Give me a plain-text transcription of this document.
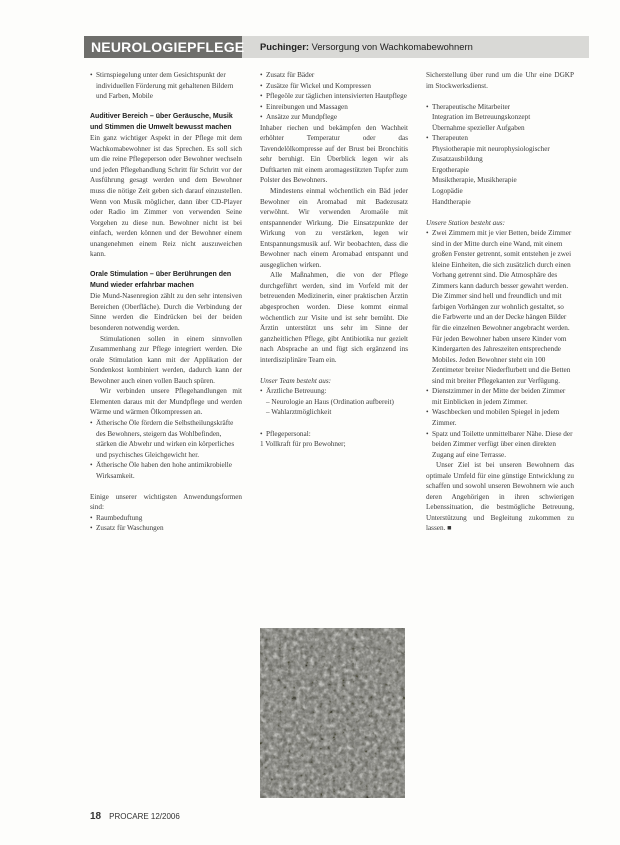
NEUROLOGIEPFLEGE Puchinger: Versorgung von Wachkomabewohnern

• Stirnspiegelung unter dem Gesichtspunkt der individuellen Förderung mit gehaltenen Bildern und Farben, Mobile

Auditiver Bereich – über Geräusche, Musik und Stimmen die Umwelt bewusst machen

Ein ganz wichtiger Aspekt in der Pflege mit dem Wachkomabewohner ist das Sprechen. Es soll sich um die reine Pflegeperson oder Bewohner wechseln und jeden Pflegehandlung Schritt für Schritt vor der Ausführung gesagt werden und dem Bewohner muss die nötige Zeit geben sich darauf einzustellen. Wenn von Musik möglicher, dann über CD-Player oder Radio im Zimmer von verwenden Seine Vorgehen zu diese nun. Bewohner nicht ist bei einfach, werden können und der Bewohner einem unangenehmen einem Reiz nicht auszuweichen kann.

Orale Stimulation – über Berührungen den Mund wieder erfahrbar machen

Die Mund-Nasenregion zählt zu den sehr intensiven Bereichen (Oberfläche). Durch die Verbindung der Sinne werden die Eindrücken bei der beiden besonderen notwendig werden.

Stimulationen sollen in einem sinnvollen Zusammenhang zur Pflege integriert werden. Die orale Stimulation kann mit der Applikation der Sondenkost kombiniert werden, dadurch kann der Bewohner auch einen vollen Bauch spüren.

Wir verbinden unsere Pflegehandlungen mit Elementen daraus mit der Mundpflege und werden Wärme und wärmen Ölkompressen an.

• Ätherische Öle fördern die Selbstheilungskräfte des Bewohners, steigern das Wohlbefinden, stärken die Abwehr und wirken ein körperliches und psychisches Gleichgewicht her.

• Ätherische Öle haben den hohe antimikrobielle Wirksamkeit.

Einige unserer wichtigsten Anwendungsformen sind:

• Raumbeduftung

• Zusatz für Waschungen

• Zusatz für Bäder

• Zusätze für Wickel und Kompressen

• Pflegeöle zur täglichen intensivierten Hautpflege

• Einreibungen und Massagen

• Ansätze zur Mundpflege

Inhaber riechen und bekämpfen den Wachheit erhöhter Temperatur oder das Tavendelölkompresse auf der Brust bei Bronchitis sehr beruhigt. Ein Überblick legen wir als Duftkarten mit einem aromagestützten Tupfer zum Polster des Bewohners.

Mindestens einmal wöchentlich ein Bäd jeder Bewohner ein Aromabad mit Badezusatz verwöhnt. Wir verwenden Aromaöle mit entspannender Wirkung. Die Einsatzpunkte der Wirkung von zu verstärken, legen wir Entspannungsmusik auf. Wir beobachten, dass die Bewohner nach einem Aromabad entspannt und ausgeglichen wirken.

Alle Maßnahmen, die von der Pflege durchgeführt werden, sind im Vorfeld mit der betreuenden Medizinerin, einer praktischen Ärztin abgesprochen worden. Diese kommt einmal wöchentlich zur Visite und ist sehr bemüht. Die Ärztin unterstützt uns sehr im Sinne der ganzheitlichen Pflege, gibt Antibiotika nur gezielt nach Absprache an und fügt sich ergänzend ins interdisziplinäre Team ein.

Unser Team besteht aus:

• Ärztliche Betreuung:

– Neurologie an Haus (Ordination aufbereit)

– Wahlarztmöglichkeit

• Pflegepersonal:

1 Vollkraft für pro Bewohner;

Sicherstellung über rund um die Uhr eine DGKP im Stockwerksdienst.

• Therapeutische Mitarbeiter

Integration im Betreuungskonzept

Übernahme spezieller Aufgaben

• Therapeuten

Physiotherapie mit neurophysiologischer Zusatzausbildung

Ergotherapie

Musiktherapie, Musikherapie

Logopädie

Handtherapie

Unsere Station besteht aus:

• Zwei Zimmern mit je vier Betten, beide Zimmer sind in der Mitte durch eine Wand, mit einem großen Fenster getrennt, somit entstehen je zwei kleine Einheiten, die sich zusätzlich durch einen Vorhang getrennt sind. Die Atmosphäre des Zimmers kann dadurch besser gewahrt werden. Die Zimmer sind hell und freundlich und mit farbigen Vorhängen zur wohnlich gestaltet, so die Farbwerte und an der Decke hängen Bilder für die einzelnen Bewohner angebracht werden. Für jeden Bewohner haben unsere Kinder vom Kindergarten des Jahreszeiten entsprechende Mobiles. Jeden Bewohner steht ein 100 Zentimeter breiter Niederflurbett und die Betten sind mit breiter Pflegekanten zur Verfügung.

• Dienstzimmer in der Mitte der beiden Zimmer mit Einblicken in jedem Zimmer.

• Waschbecken und mobilen Spiegel in jedem Zimmer.

• Spatz und Toilette unmittelbarer Nähe. Diese der beiden Zimmer verfügt über einen direkten Zugang auf eine Terrasse.

Unser Ziel ist bei unseren Bewohnern das optimale Umfeld für eine günstige Entwicklung zu schaffen und sowohl unseren Bewohnern wie auch deren Angehörigen in ihren schwierigen Lebenssituation, die bestmögliche Betreuung, Unterstützung und Begleitung zukommen zu lassen. ■

18 PROCARE 12/2006
